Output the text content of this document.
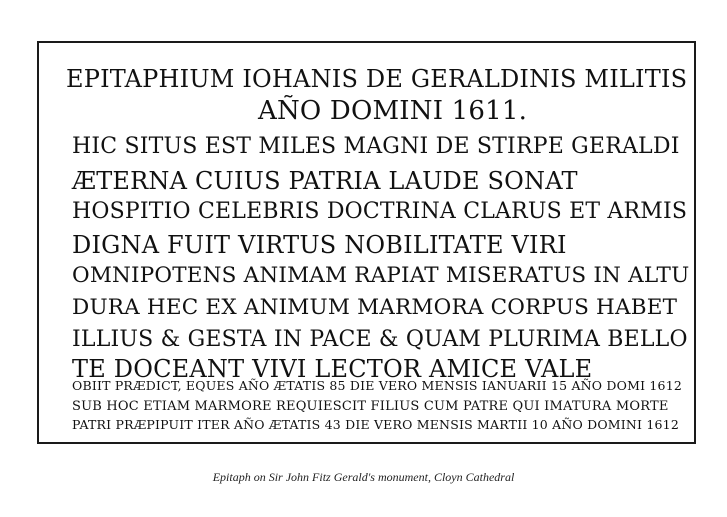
EPITAPHIUM IOHANIS DE GERALDINIS MILITIS
AÑO DOMINI 1611.
HIC SITUS EST MILES MAGNI DE STIRPE GERALDI
ÆTERNA CUIUS PATRIA LAUDE SONAT
HOSPITIO CELEBRIS DOCTRINA CLARUS ET ARMIS
DIGNA FUIT VIRTUS NOBILITATE VIRI
OMNIPOTENS ANIMAM RAPIAT MISERATUS IN ALTU
DURA HEC EX ANIMUM MARMORA CORPUS HABET
ILLIUS & GESTA IN PACE & QUAM PLURIMA BELLO
TE DOCEANT VIVI LECTOR AMICE VALE
OBIIT PRÆDICT, EQUES AÑO ÆTATIS 85 DIE VERO MENSIS IANUARII 15 AÑO DOMI 1612
SUB HOC ETIAM MARMORE REQUIESCIT FILIUS CUM PATRE QUI IMATURA MORTE
PATRI PRÆPIPUIT ITER AÑO ÆTATIS 43 DIE VERO MENSIS MARTII 10 AÑO DOMINI 1612
Epitaph on Sir John Fitz Gerald's monument, Cloyn Cathedral
